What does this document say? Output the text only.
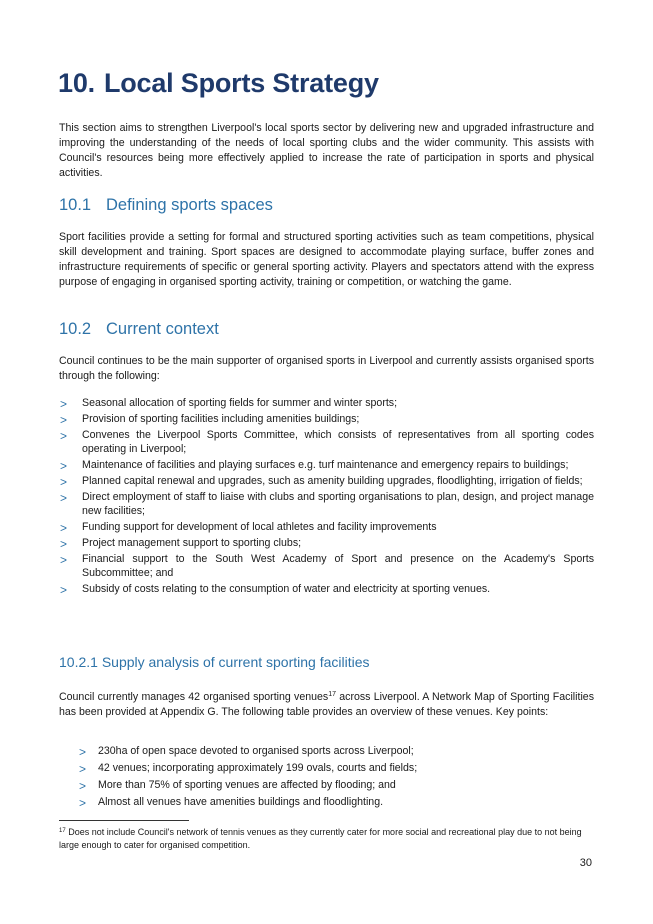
10. Local Sports Strategy

This section aims to strengthen Liverpool's local sports sector by delivering new and upgraded infrastructure and improving the understanding of the needs of local sporting clubs and the wider community. This assists with Council's resources being more effectively applied to increase the rate of participation in sports and physical activities.

10.1 Defining sports spaces

Sport facilities provide a setting for formal and structured sporting activities such as team competitions, physical skill development and training. Sport spaces are designed to accommodate playing surface, buffer zones and infrastructure requirements of specific or general sporting activity. Players and spectators attend with the express purpose of engaging in organised sporting activity, training or competition, or watching the game.

10.2 Current context

Council continues to be the main supporter of organised sports in Liverpool and currently assists organised sports through the following:

> Seasonal allocation of sporting fields for summer and winter sports;
> Provision of sporting facilities including amenities buildings;
> Convenes the Liverpool Sports Committee, which consists of representatives from all sporting codes operating in Liverpool;
> Maintenance of facilities and playing surfaces e.g. turf maintenance and emergency repairs to buildings;
> Planned capital renewal and upgrades, such as amenity building upgrades, floodlighting, irrigation of fields;
> Direct employment of staff to liaise with clubs and sporting organisations to plan, design, and project manage new facilities;
> Funding support for development of local athletes and facility improvements
> Project management support to sporting clubs;
> Financial support to the South West Academy of Sport and presence on the Academy's Sports Subcommittee; and
> Subsidy of costs relating to the consumption of water and electricity at sporting venues.
10.2.1 Supply analysis of current sporting facilities

Council currently manages 42 organised sporting venues$^{17}$ across Liverpool. A Network Map of Sporting Facilities has been provided at Appendix G. The following table provides an overview of these venues. Key points:

> 230ha of open space devoted to organised sports across Liverpool;
> 42 venues; incorporating approximately 199 ovals, courts and fields;
> More than 75% of sporting venues are affected by flooding; and
> Almost all venues have amenities buildings and floodlighting.

$^{17}$ Does not include Council's network of tennis venues as they currently cater for more social and recreational play due to not being large enough to cater for organised competition.

30
